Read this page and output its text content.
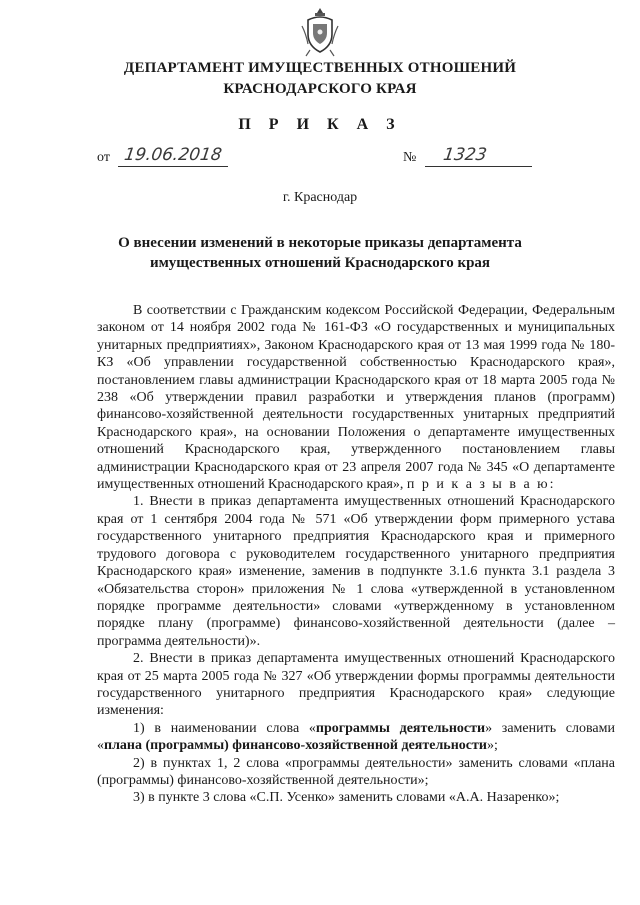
ДЕПАРТАМЕНТ ИМУЩЕСТВЕННЫХ ОТНОШЕНИЙ
КРАСНОДАРСКОГО КРАЯ
П Р И К А З
от 19.06.2018	№	1323
г. Краснодар
О внесении изменений в некоторые приказы департамента
имущественных отношений Краснодарского края

В соответствии с Гражданским кодексом Российской Федерации, Федеральным законом от 14 ноября 2002 года № 161-ФЗ «О государственных и муниципальных унитарных предприятиях», Законом Краснодарского края от 13 мая 1999 года № 180-КЗ «Об управлении государственной собственностью Краснодарского края», постановлением главы администрации Краснодарского края от 18 марта 2005 года № 238 «Об утверждении правил разработки и утверждения планов (программ) финансово-хозяйственной деятельности государственных унитарных предприятий Краснодарского края», на основании Положения о департаменте имущественных отношений Краснодарского края, утвержденного постановлением главы администрации Краснодарского края от 23 апреля 2007 года № 345 «О департаменте имущественных отношений Краснодарского края», п р и к а з ы в а ю:

1. Внести в приказ департамента имущественных отношений Краснодарского края от 1 сентября 2004 года № 571 «Об утверждении форм примерного устава государственного унитарного предприятия Краснодарского края и примерного трудового договора с руководителем государственного унитарного предприятия Краснодарского края» изменение, заменив в подпункте 3.1.6 пункта 3.1 раздела 3 «Обязательства сторон» приложения № 1 слова «утвержденной в установленном порядке программе деятельности» словами «утвержденному в установленном порядке плану (программе) финансово-хозяйственной деятельности (далее – программа деятельности)».

2. Внести в приказ департамента имущественных отношений Краснодарского края от 25 марта 2005 года № 327 «Об утверждении формы программы деятельности государственного унитарного предприятия Краснодарского края» следующие изменения:

1) в наименовании слова «программы деятельности» заменить словами «плана (программы) финансово-хозяйственной деятельности»;

2) в пунктах 1, 2 слова «программы деятельности» заменить словами «плана (программы) финансово-хозяйственной деятельности»;

3) в пункте 3 слова «С.П. Усенко» заменить словами «А.А. Назаренко»;
